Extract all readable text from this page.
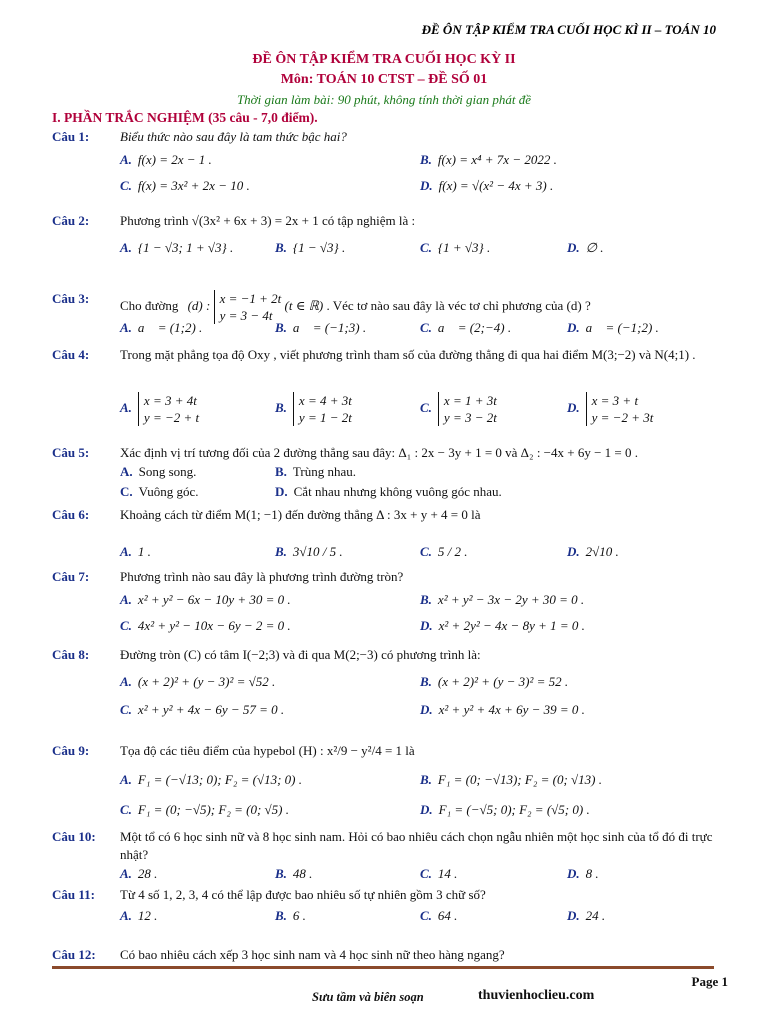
ĐỀ ÔN TẬP KIỂM TRA CUỐI HỌC KÌ II – TOÁN 10
ĐỀ ÔN TẬP KIỂM TRA CUỐI HỌC KỲ II
Môn: TOÁN 10 CTST – ĐỀ SỐ 01
Thời gian làm bài: 90 phút, không tính thời gian phát đề
I. PHẦN TRẮC NGHIỆM (35 câu - 7,0 điểm).
Câu 1:	Biểu thức nào sau đây là tam thức bậc hai?
A. f(x) = 2x − 1 .	B. f(x) = x⁴ + 7x − 2022 .
C. f(x) = 3x² + 2x − 10 .	D. f(x) = √(x² − 4x + 3) .
Câu 2:	Phương trình √(3x² + 6x + 3) = 2x + 1 có tập nghiệm là :
A. {1 − √3; 1 + √3} .	B. {1 − √3} .	C. {1 + √3} .	D. ∅ .
Câu 3:	Cho đường (d) : x = −1 + 2t
y = 3 − 4t (t ∈ ℝ) . Véc tơ nào sau đây là véc tơ chỉ phương của (d) ?
A. a⃗ = (1;2) .	B. a⃗ = (−1;3) .	C. a⃗ = (2;−4) .	D. a⃗ = (−1;2) .
Câu 4:	Trong mặt phẳng tọa độ Oxy , viết phương trình tham số của đường thẳng đi qua hai điểm M(3;−2) và N(4;1) .
A. x = 3 + 4t
y = −2 + t
B. x = 4 + 3t
y = 1 − 2t
C. x = 1 + 3t
y = 3 − 2t
D. x = 3 + t
y = −2 + 3t
Câu 5:	Xác định vị trí tương đối của 2 đường thẳng sau đây: Δ₁ : 2x − 3y + 1 = 0 và Δ₂ : −4x + 6y − 1 = 0 .
A. Song song.	B. Trùng nhau.
C. Vuông góc.	D. Cắt nhau nhưng không vuông góc nhau.
Câu 6:	Khoảng cách từ điểm M(1; −1) đến đường thẳng Δ : 3x + y + 4 = 0 là
A. 1 .	B. 3√10 / 5 .	C. 5 / 2 .	D. 2√10 .
Câu 7:	Phương trình nào sau đây là phương trình đường tròn?
A. x² + y² − 6x − 10y + 30 = 0 .	B. x² + y² − 3x − 2y + 30 = 0 .
C. 4x² + y² − 10x − 6y − 2 = 0 .	D. x² + 2y² − 4x − 8y + 1 = 0 .
Câu 8:	Đường tròn (C) có tâm I(−2;3) và đi qua M(2;−3) có phương trình là:
A. (x + 2)² + (y − 3)² = √52 .	B. (x + 2)² + (y − 3)² = 52 .
C. x² + y² + 4x − 6y − 57 = 0 .	D. x² + y² + 4x + 6y − 39 = 0 .
Câu 9:	Tọa độ các tiêu điểm của hypebol (H) : x²/9 − y²/4 = 1 là
A. F₁ = (−√13; 0); F₂ = (√13; 0) .	B. F₁ = (0; −√13); F₂ = (0; √13) .
C. F₁ = (0; −√5); F₂ = (0; √5) .	D. F₁ = (−√5; 0); F₂ = (√5; 0) .
Câu 10:	Một tổ có 6 học sinh nữ và 8 học sinh nam. Hỏi có bao nhiêu cách chọn ngẫu nhiên một học sinh của tổ đó đi trực nhật?
A. 28 .	B. 48 .	C. 14 .	D. 8 .
Câu 11:	Từ 4 số 1, 2, 3, 4 có thể lập được bao nhiêu số tự nhiên gồm 3 chữ số?
A. 12 .	B. 6 .	C. 64 .	D. 24 .
Câu 12:	Có bao nhiêu cách xếp 3 học sinh nam và 4 học sinh nữ theo hàng ngang?
Page 1
Sưu tầm và biên soạn	thuvienhoclieu.com
